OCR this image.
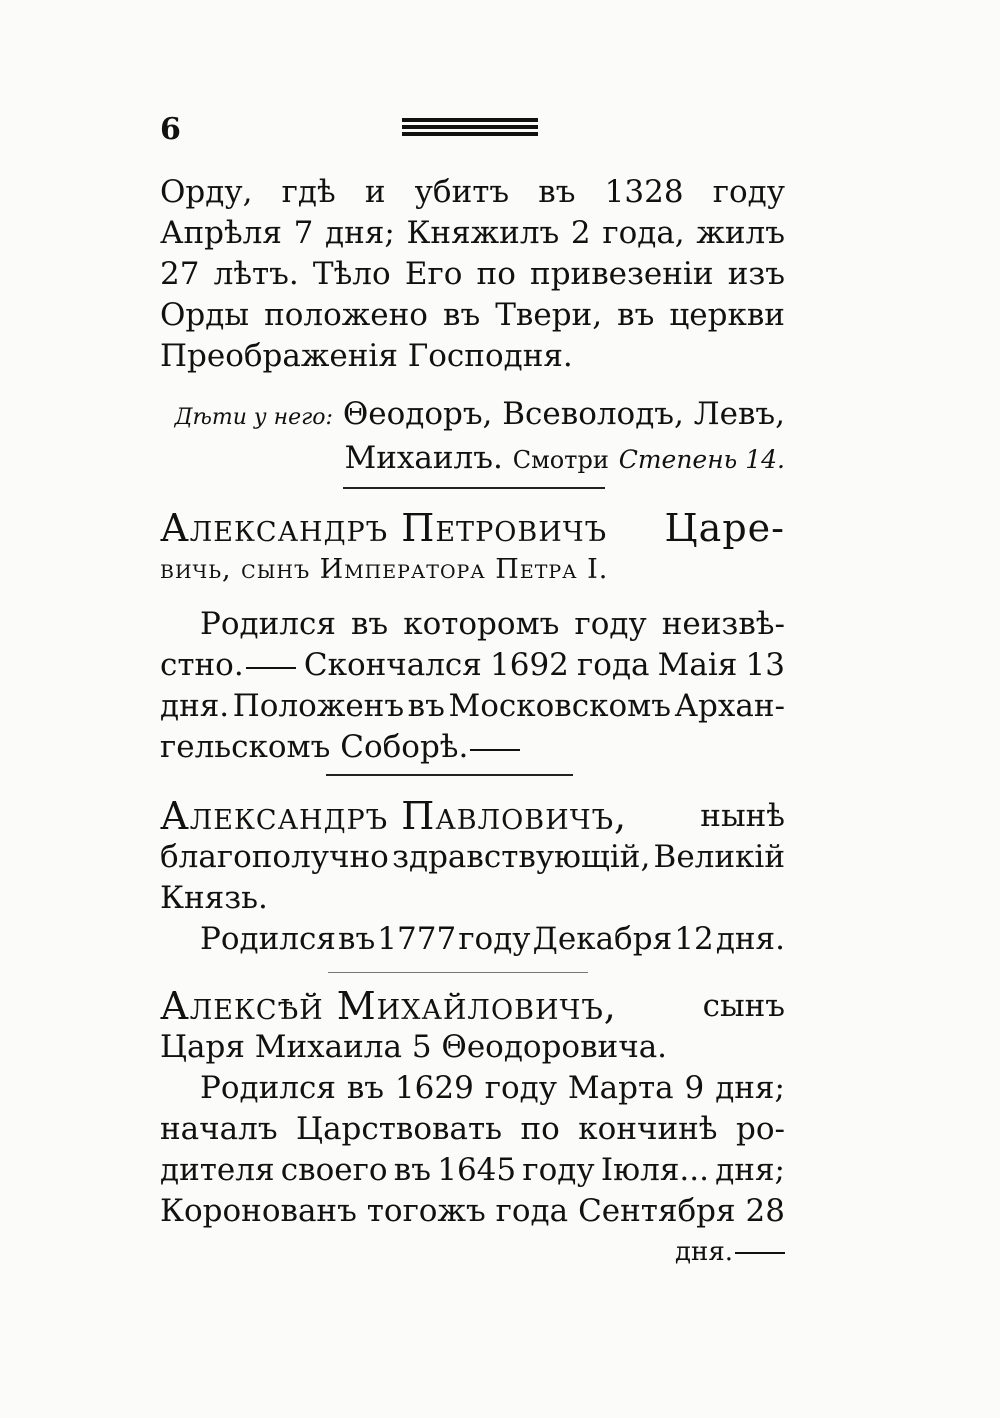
6
Орду, гдѣ и убитъ въ 1328 году
Апрѣля 7 дня; Княжилъ 2 года, жилъ
27 лѣтъ. Тѣло Его по привезенiи изъ
Орды положено въ Твери, въ церкви
Преображенiя Господня.
Дѣти у него: Θеодоръ, Всеволодъ, Левъ,
Михаилъ. Смотри Степень 14.
Александръ Петровичъ Царе-
вичь, сынъ Императора Петра I.
Родился въ которомъ году неизвѣ-
стно.	Скончался 1692 года Маiя 13
дня. Положенъ въ Московскомъ Архан-
гельскомъ Соборѣ.
Александръ Павловичъ, нынѣ
благополучно здравствующiй, Великiй
Князь.
Родился въ 1777 году Декабря 12 дня.
Алексѣй Михайловичъ,	сынъ
Царя Михаила 5 Θеодоровича.
Родился въ 1629 году Марта 9 дня;
началъ Царствовать по кончинѣ ро-
дителя своего въ 1645 году Iюля... дня;
Коронованъ тогожъ года Сентября 28
дня.
